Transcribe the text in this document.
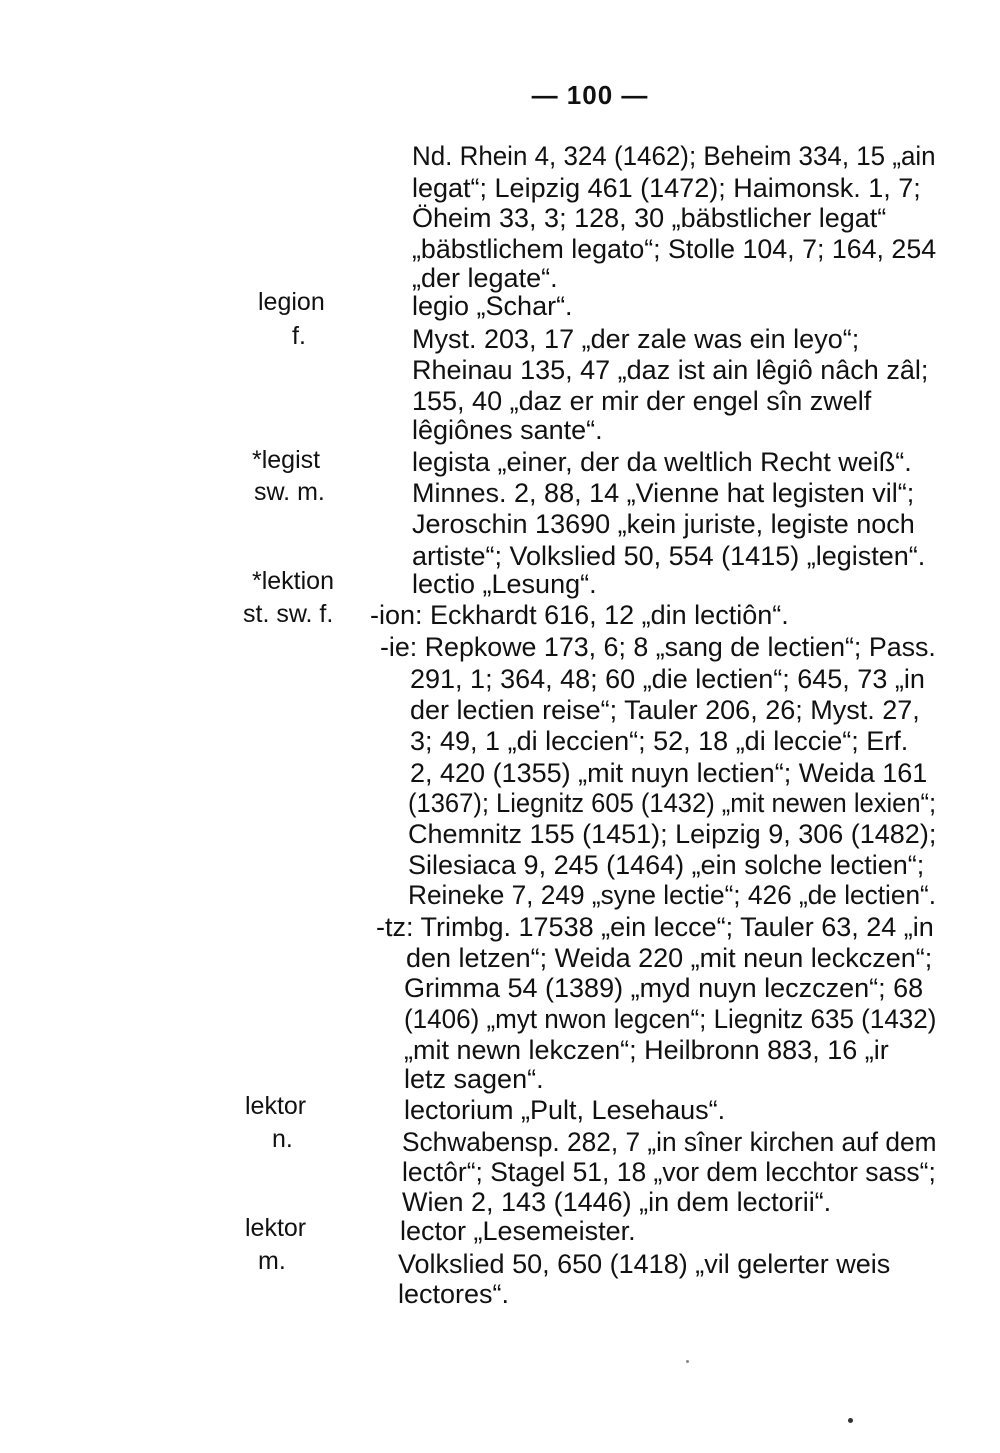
— 100 —
legion
f.
*legist
sw. m.
*lektion
st. sw. f.
lektor
n.
lektor
m.
Nd. Rhein 4, 324 (1462); Beheim 334, 15 „ain
legat“; Leipzig 461 (1472); Haimonsk. 1, 7;
Öheim 33, 3; 128, 30 „bäbstlicher legat“
„bäbstlichem legato“; Stolle 104, 7; 164, 254
„der legate“.
legio „Schar“.
Myst. 203, 17 „der zale was ein leyo“;
Rheinau 135, 47 „daz ist ain lêgiô nâch zâl;
155, 40 „daz er mir der engel sîn zwelf
lêgiônes sante“.
legista „einer, der da weltlich Recht weiß“.
Minnes. 2, 88, 14 „Vienne hat legisten vil“;
Jeroschin 13690 „kein juriste, legiste noch
artiste“; Volkslied 50, 554 (1415) „legisten“.
lectio „Lesung“.
-ion: Eckhardt 616, 12 „din lectiôn“.
-ie: Repkowe 173, 6; 8 „sang de lectien“; Pass.
291, 1; 364, 48; 60 „die lectien“; 645, 73 „in
der lectien reise“; Tauler 206, 26; Myst. 27,
3; 49, 1 „di leccien“; 52, 18 „di leccie“; Erf.
2, 420 (1355) „mit nuyn lectien“; Weida 161
(1367); Liegnitz 605 (1432) „mit newen lexien“;
Chemnitz 155 (1451); Leipzig 9, 306 (1482);
Silesiaca 9, 245 (1464) „ein solche lectien“;
Reineke 7, 249 „syne lectie“; 426 „de lectien“.
-tz: Trimbg. 17538 „ein lecce“; Tauler 63, 24 „in
den letzen“; Weida 220 „mit neun leckczen“;
Grimma 54 (1389) „myd nuyn leczczen“; 68
(1406) „myt nwon legcen“; Liegnitz 635 (1432)
„mit newn lekczen“; Heilbronn 883, 16 „ir
letz sagen“.
lectorium „Pult, Lesehaus“.
Schwabensp. 282, 7 „in sîner kirchen auf dem
lectôr“; Stagel 51, 18 „vor dem lecchtor sass“;
Wien 2, 143 (1446) „in dem lectorii“.
lector „Lesemeister.
Volkslied 50, 650 (1418) „vil gelerter weis
lectores“.
